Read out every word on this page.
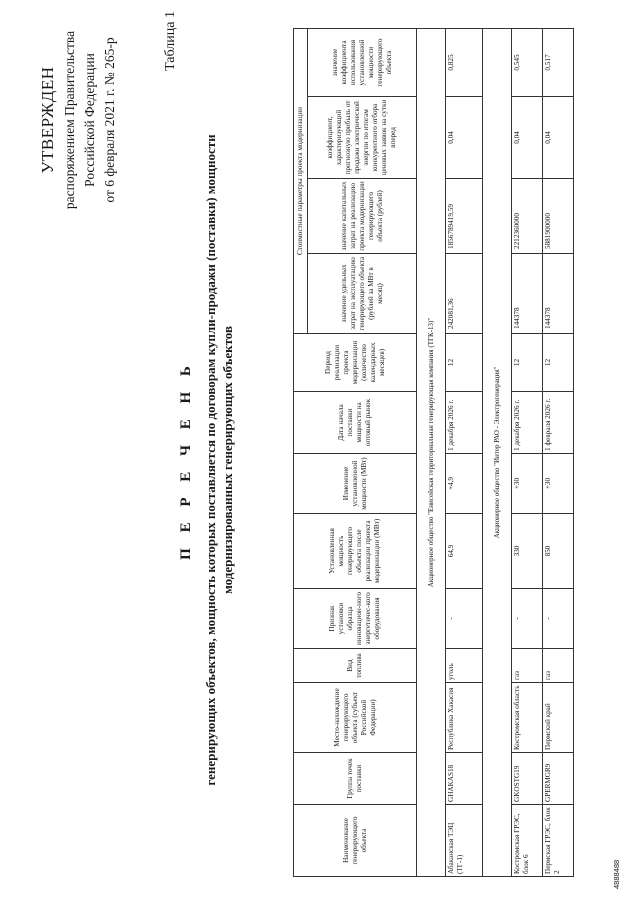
УТВЕРЖДЕН распоряжением Правительства Российской Федерации от 6 февраля 2021 г. № 265-р	Таблица 1
П Е Р Е Ч Е Н Ь генерирующих объектов, мощность которых поставляется по договорам купли-продажи (поставки) мощности модернизированных генерирующих объектов
Наименование генерирующего объекта	Группа точек поставки	Место-нахождение генерирующего объекта (субъект Российской Федерации)	Вид топлива	Признак установки образца инновацион-ного энергетичес-кого оборудования	Установленная мощность генерирующего объекта после реализации проекта модернизации (МВт)	Изменение установленной мощности (МВт)	Дата начала поставки мощности на оптовый рынок	Период реализации проекта модернизации (количество календарных месяцев)	Стоимостные параметры проекта модернизации			
									значение удельных затрат на эксплуатацию генерирующего объекта (рублей за МВт в месяц)	значение капитальных затрат на реализацию проекта модернизации генерирующего объекта (рублей)	коэффициент, характеризующий прогнозную прибыль от продажи электрической энергии по итогам конкурентного отбора ценовых заявок на сутки вперед	значение коэффициента использования установленной мощности генерирующего объекта
Акционерное общество "Енисейская территориальная генерирующая компания (ТГК-13)"												
Абаканская ТЭЦ (ТГ-1)	GHAKAS18	Республика Хакасия	уголь	-	64,9	+4,9	1 декабря 2026 г.	12	242081,36	1856789419,59	0,04	0,825
Акционерное общество "Интер РАО - Электрогенерация"												
Костромская ГРЭС, блок 6	GKOSTG19	Костромская область	газ	-	330	+30	1 декабря 2026 г.	12	144378	2212360000	0,04	0,545
Пермская ГРЭС, блок 2	GPERMGR9	Пермский край	газ	-	850	+30	1 февраля 2026 г.	12	144378	5881900000	0,04	0,517
4888488
